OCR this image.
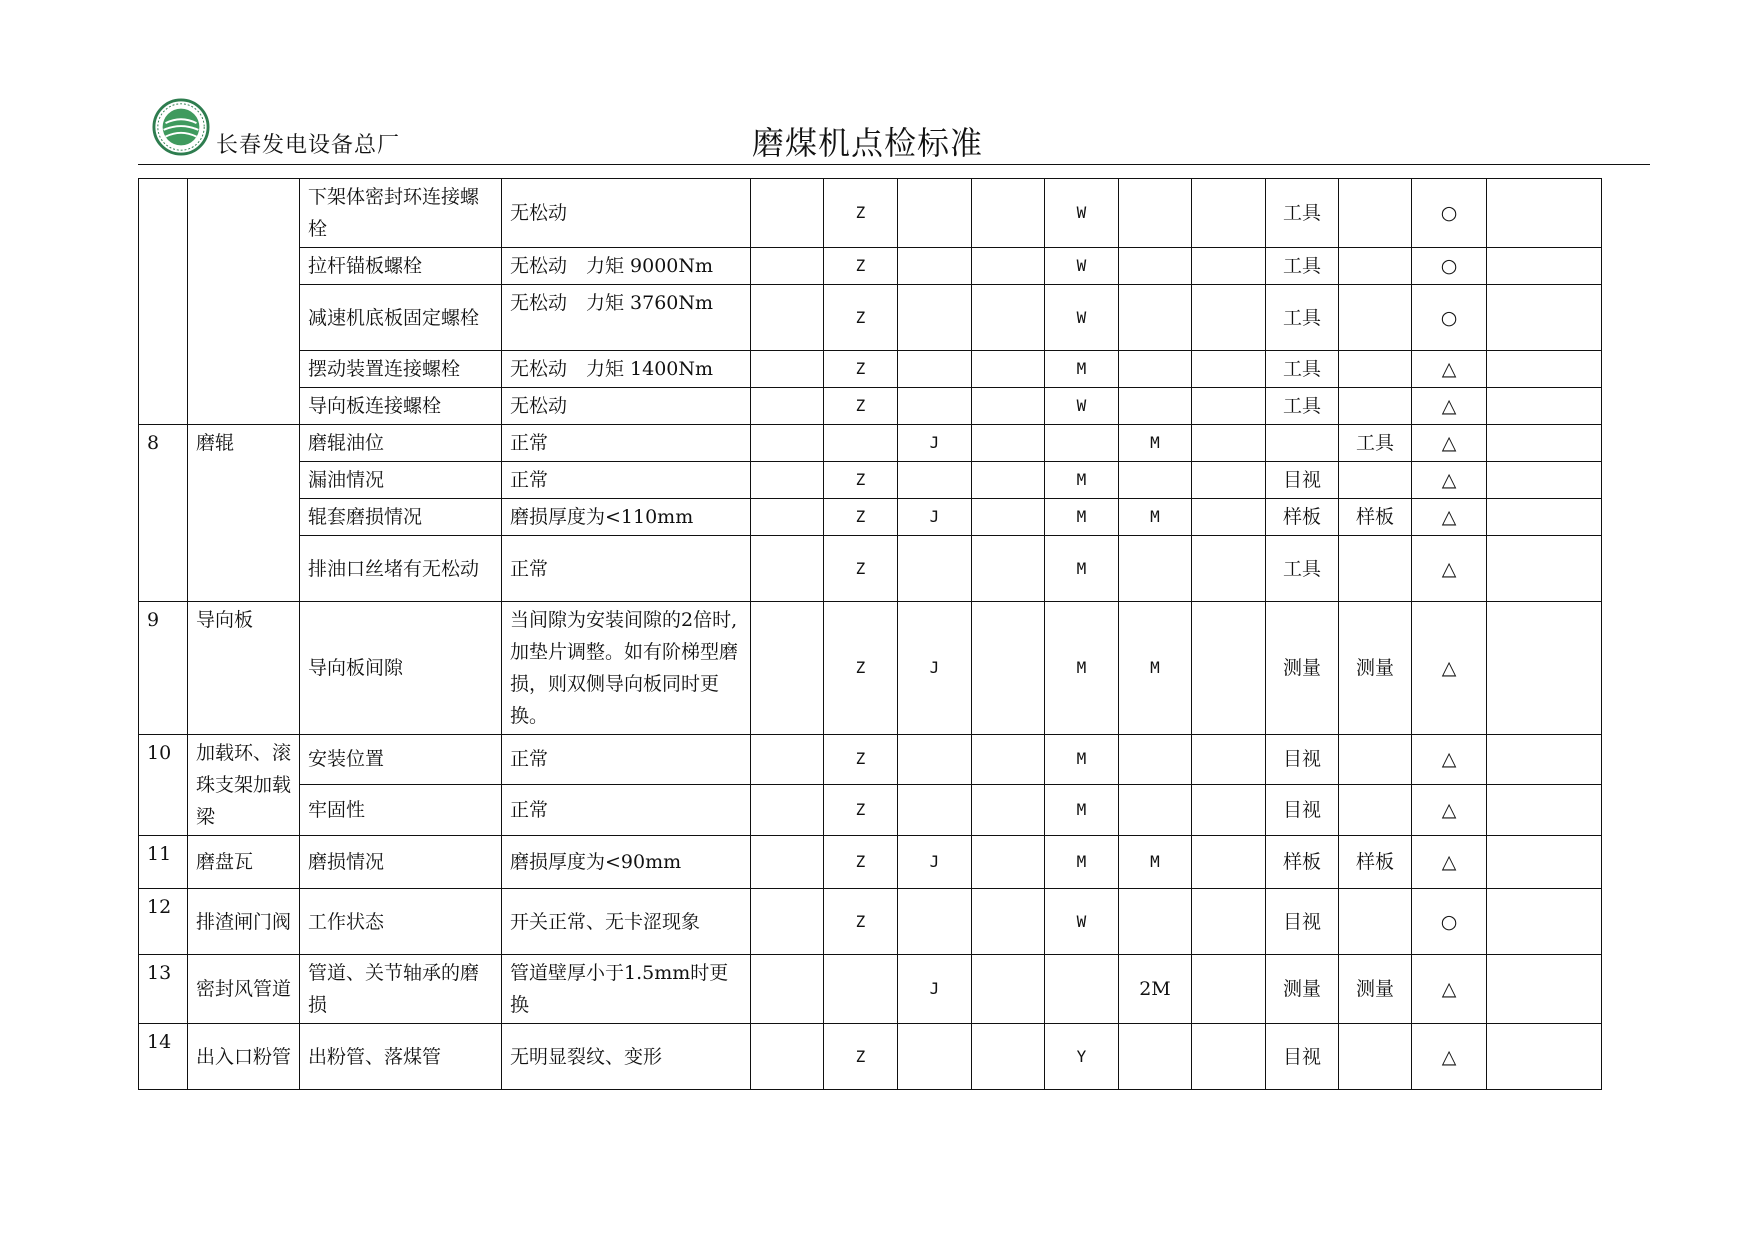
长春发电设备总厂	磨煤机点检标准
		下架体密封环连接螺栓	无松动		Z			W			工具		○	
		拉杆锚板螺栓	无松动　力矩 9000Nm		Z			W			工具		○	
		减速机底板固定螺栓	无松动　力矩 3760Nm		Z			W			工具		○	
		摆动装置连接螺栓	无松动　力矩 1400Nm		Z			M			工具		△	
		导向板连接螺栓	无松动		Z			W			工具		△	
8	磨辊	磨辊油位	正常			J			M			工具	△	
		漏油情况	正常		Z			M			目视		△	
		辊套磨损情况	磨损厚度为<110mm		Z	J		M	M		样板	样板	△	
		排油口丝堵有无松动	正常		Z			M			工具		△	
9	导向板	导向板间隙	当间隙为安装间隙的2倍时,加垫片调整。如有阶梯型磨损，则双侧导向板同时更换。		Z	J		M	M		测量	测量	△	
10	加载环、滚珠支架加载梁	安装位置	正常		Z			M			目视		△	
		牢固性	正常		Z			M			目视		△	
11	磨盘瓦	磨损情况	磨损厚度为<90mm		Z	J		M	M		样板	样板	△	
12	排渣闸门阀	工作状态	开关正常、无卡涩现象		Z			W			目视		○	
13	密封风管道	管道、关节轴承的磨损	管道壁厚小于1.5mm时更换			J			2M		测量	测量	△	
14	出入口粉管	出粉管、落煤管	无明显裂纹、变形		Z			Y			目视		△	
